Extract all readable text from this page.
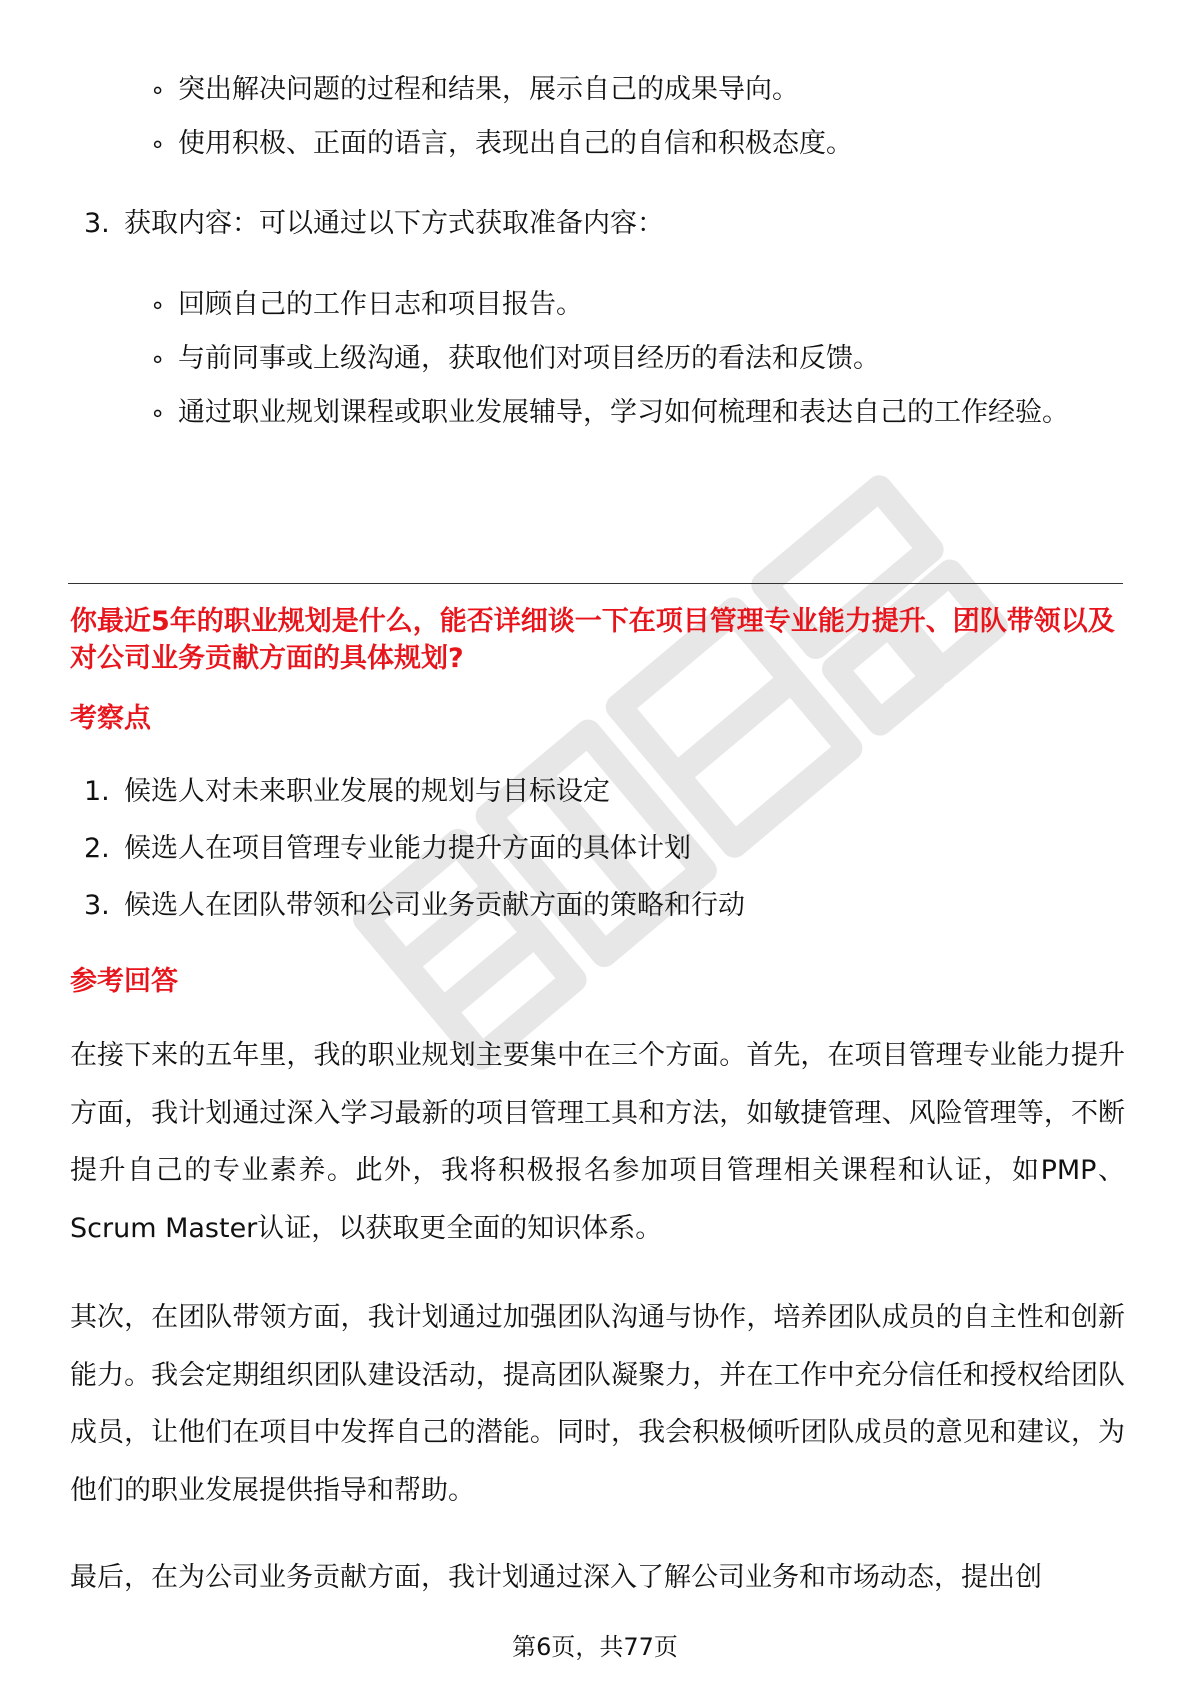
∘ 突出解决问题的过程和结果，展示自己的成果导向。
∘ 使用积极、正面的语言，表现出自己的自信和积极态度。
3. 获取内容：可以通过以下方式获取准备内容：
∘ 回顾自己的工作日志和项目报告。
∘ 与前同事或上级沟通，获取他们对项目经历的看法和反馈。
∘ 通过职业规划课程或职业发展辅导，学习如何梳理和表达自己的工作经验。
你最近5年的职业规划是什么，能否详细谈一下在项目管理专业能力提升、团队带领以及对公司业务贡献方面的具体规划?
考察点
1. 候选人对未来职业发展的规划与目标设定
2. 候选人在项目管理专业能力提升方面的具体计划
3. 候选人在团队带领和公司业务贡献方面的策略和行动
参考回答
在接下来的五年里，我的职业规划主要集中在三个方面。首先，在项目管理专业能力提升方面，我计划通过深入学习最新的项目管理工具和方法，如敏捷管理、风险管理等，不断提升自己的专业素养。此外，我将积极报名参加项目管理相关课程和认证，如PMP、Scrum Master认证，以获取更全面的知识体系。
其次，在团队带领方面，我计划通过加强团队沟通与协作，培养团队成员的自主性和创新能力。我会定期组织团队建设活动，提高团队凝聚力，并在工作中充分信任和授权给团队成员，让他们在项目中发挥自己的潜能。同时，我会积极倾听团队成员的意见和建议，为他们的职业发展提供指导和帮助。
最后，在为公司业务贡献方面，我计划通过深入了解公司业务和市场动态，提出创
第6页，共77页
